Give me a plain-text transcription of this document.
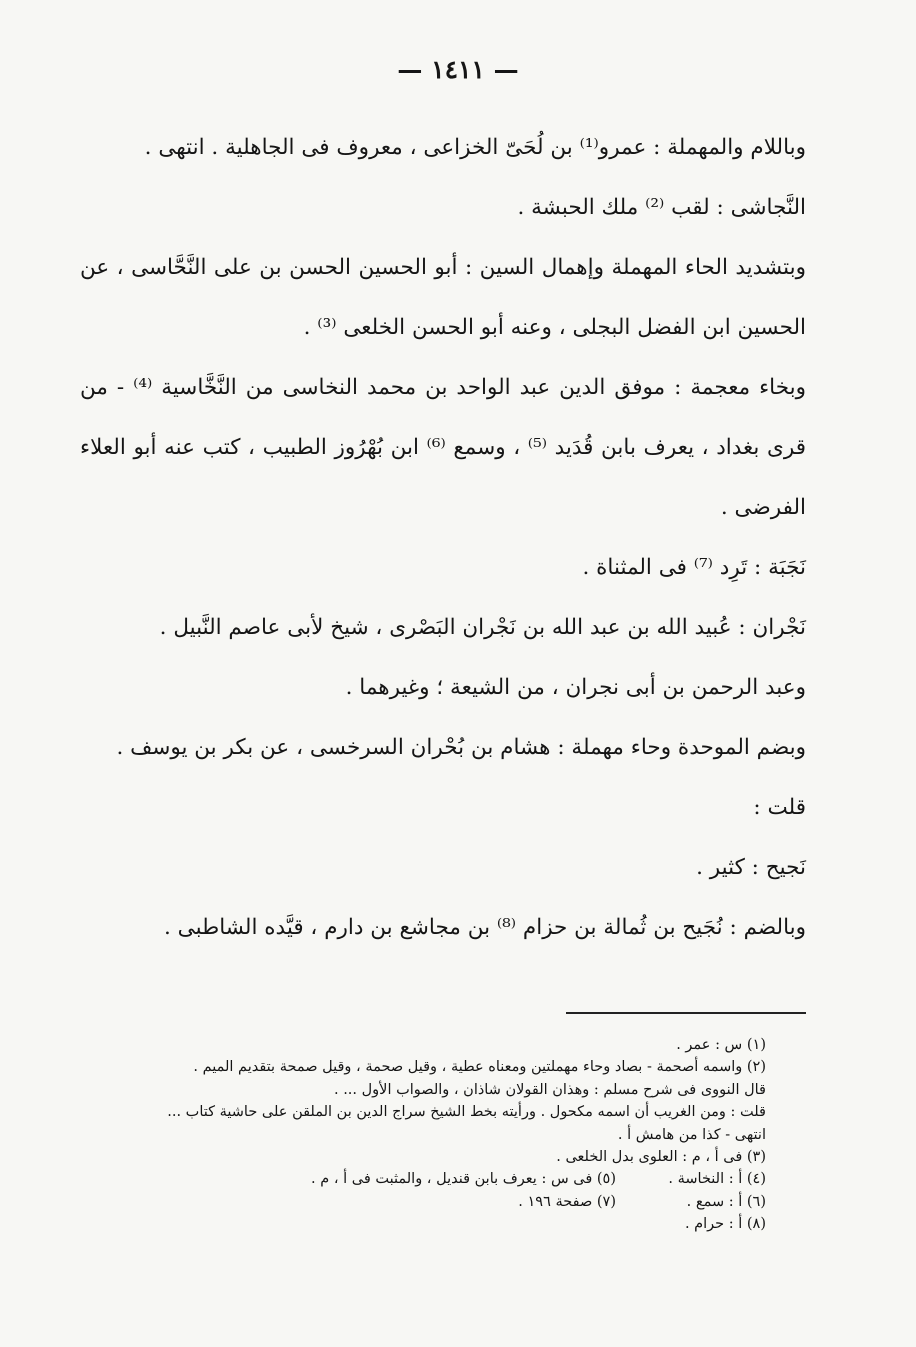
— ١٤١١ —

وباللام والمهملة : عمرو⁽¹⁾ بن لُحَىّ الخزاعى ، معروف فى الجاهلية . انتهى .

النَّجاشى : لقب ⁽²⁾ ملك الحبشة .

وبتشديد الحاء المهملة وإهمال السين : أبو الحسين الحسن بن على النَّحَّاسى ، عن الحسين ابن الفضل البجلى ، وعنه أبو الحسن الخلعى ⁽³⁾ .

وبخاء معجمة : موفق الدين عبد الواحد بن محمد النخاسى من النَّخَّاسية ⁽⁴⁾ - من قرى بغداد ، يعرف بابن قُدَيد ⁽⁵⁾ ، وسمع ⁽⁶⁾ ابن بُهْرُوز الطبيب ، كتب عنه أبو العلاء الفرضى .

نَجَبَة : تَرِد ⁽⁷⁾ فى المثناة .

نَجْران : عُبيد الله بن عبد الله بن نَجْران البَصْرى ، شيخ لأبى عاصم النَّبيل .

وعبد الرحمن بن أبى نجران ، من الشيعة ؛ وغيرهما .

وبضم الموحدة وحاء مهملة : هشام بن بُحْران السرخسى ، عن بكر بن يوسف .

قلت :

نَجيح : كثير .

وبالضم : نُجَيح بن ثُمالة بن حزام ⁽⁸⁾ بن مجاشع بن دارم ، قيَّده الشاطبى .

(١) س : عمر .
(٢) واسمه أصحمة - بصاد وحاء مهملتين ومعناه عطية ، وقيل صحمة ، وقيل صمحة بتقديم الميم .
قال النووى فى شرح مسلم : وهذان القولان شاذان ، والصواب الأول ... .
قلت : ومن الغريب أن اسمه مكحول . ورأيته بخط الشيخ سراج الدين بن الملقن على حاشية كتاب ...
انتهى - كذا من هامش أ .
(٣) فى أ ، م : العلوى بدل الخلعى .
(٤) أ : النخاسة .
(٥) فى س : يعرف بابن قنديل ، والمثبت فى أ ، م .
(٦) أ : سمع .
(٧) صفحة ١٩٦ .
(٨) أ : حرام .
